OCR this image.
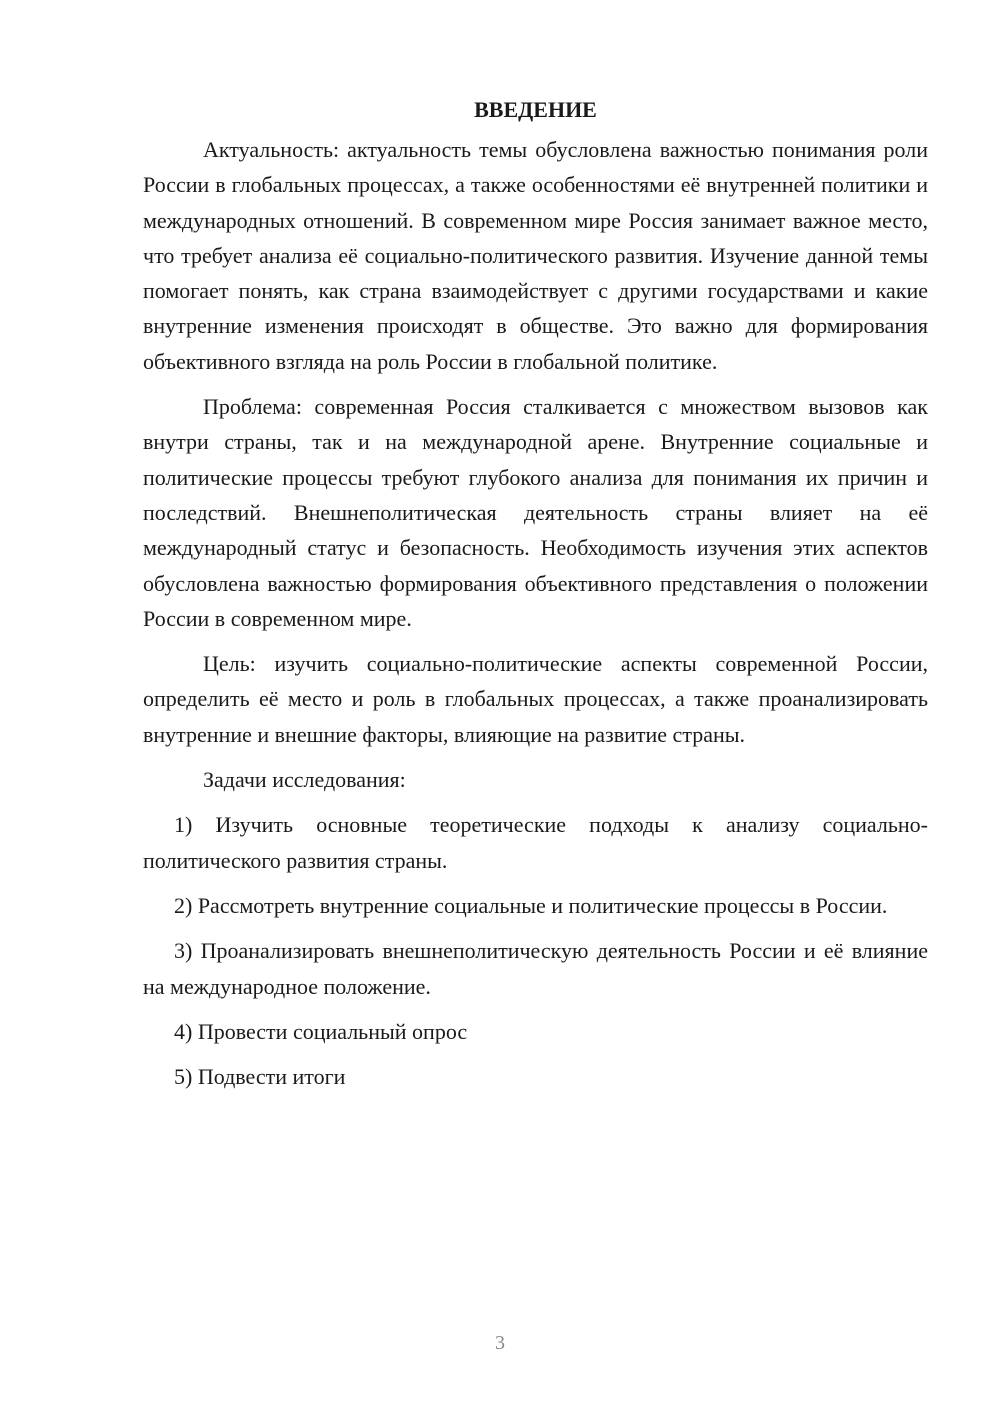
ВВЕДЕНИЕ

Актуальность: актуальность темы обусловлена важностью понимания роли России в глобальных процессах, а также особенностями её внутренней политики и международных отношений. В современном мире Россия занимает важное место, что требует анализа её социально-политического развития. Изучение данной темы помогает понять, как страна взаимодействует с другими государствами и какие внутренние изменения происходят в обществе. Это важно для формирования объективного взгляда на роль России в глобальной политике.

Проблема: современная Россия сталкивается с множеством вызовов как внутри страны, так и на международной арене. Внутренние социальные и политические процессы требуют глубокого анализа для понимания их причин и последствий. Внешнеполитическая деятельность страны влияет на её международный статус и безопасность. Необходимость изучения этих аспектов обусловлена важностью формирования объективного представления о положении России в современном мире.

Цель: изучить социально-политические аспекты современной России, определить её место и роль в глобальных процессах, а также проанализировать внутренние и внешние факторы, влияющие на развитие страны.

Задачи исследования:

1) Изучить основные теоретические подходы к анализу социально-политического развития страны.

2) Рассмотреть внутренние социальные и политические процессы в России.

3) Проанализировать внешнеполитическую деятельность России и её влияние на международное положение.

4) Провести социальный опрос

5) Подвести итоги

3
